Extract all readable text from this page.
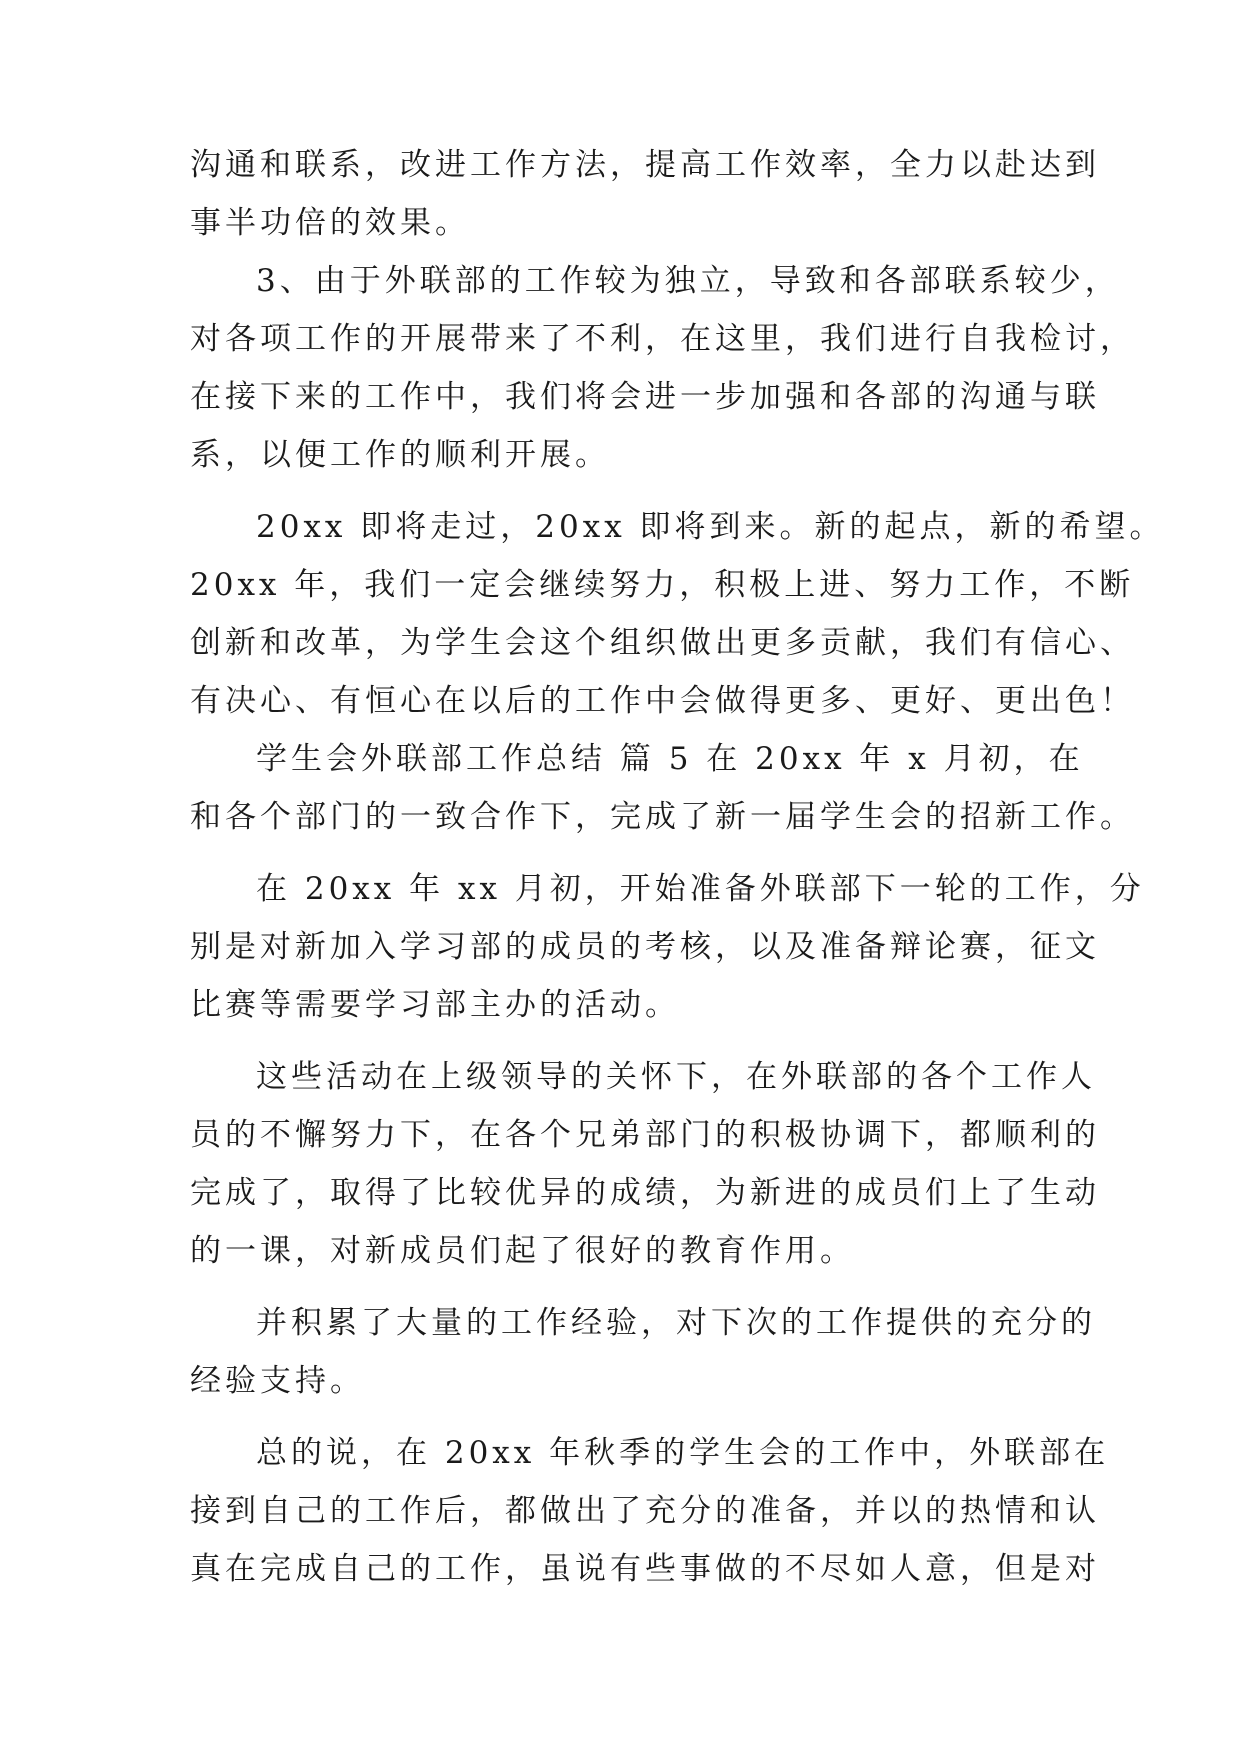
沟通和联系，改进工作方法，提高工作效率，全力以赴达到
事半功倍的效果。
3、由于外联部的工作较为独立，导致和各部联系较少，
对各项工作的开展带来了不利，在这里，我们进行自我检讨，
在接下来的工作中，我们将会进一步加强和各部的沟通与联
系，以便工作的顺利开展。
20xx 即将走过，20xx 即将到来。新的起点，新的希望。
20xx 年，我们一定会继续努力，积极上进、努力工作，不断
创新和改革，为学生会这个组织做出更多贡献，我们有信心、
有决心、有恒心在以后的工作中会做得更多、更好、更出色！
学生会外联部工作总结 篇 5 在 20xx 年 x 月初，在
和各个部门的一致合作下，完成了新一届学生会的招新工作。
在 20xx 年 xx 月初，开始准备外联部下一轮的工作，分
别是对新加入学习部的成员的考核，以及准备辩论赛，征文
比赛等需要学习部主办的活动。
这些活动在上级领导的关怀下，在外联部的各个工作人
员的不懈努力下，在各个兄弟部门的积极协调下，都顺利的
完成了，取得了比较优异的成绩，为新进的成员们上了生动
的一课，对新成员们起了很好的教育作用。
并积累了大量的工作经验，对下次的工作提供的充分的
经验支持。
总的说，在 20xx 年秋季的学生会的工作中，外联部在
接到自己的工作后，都做出了充分的准备，并以的热情和认
真在完成自己的工作，虽说有些事做的不尽如人意，但是对
